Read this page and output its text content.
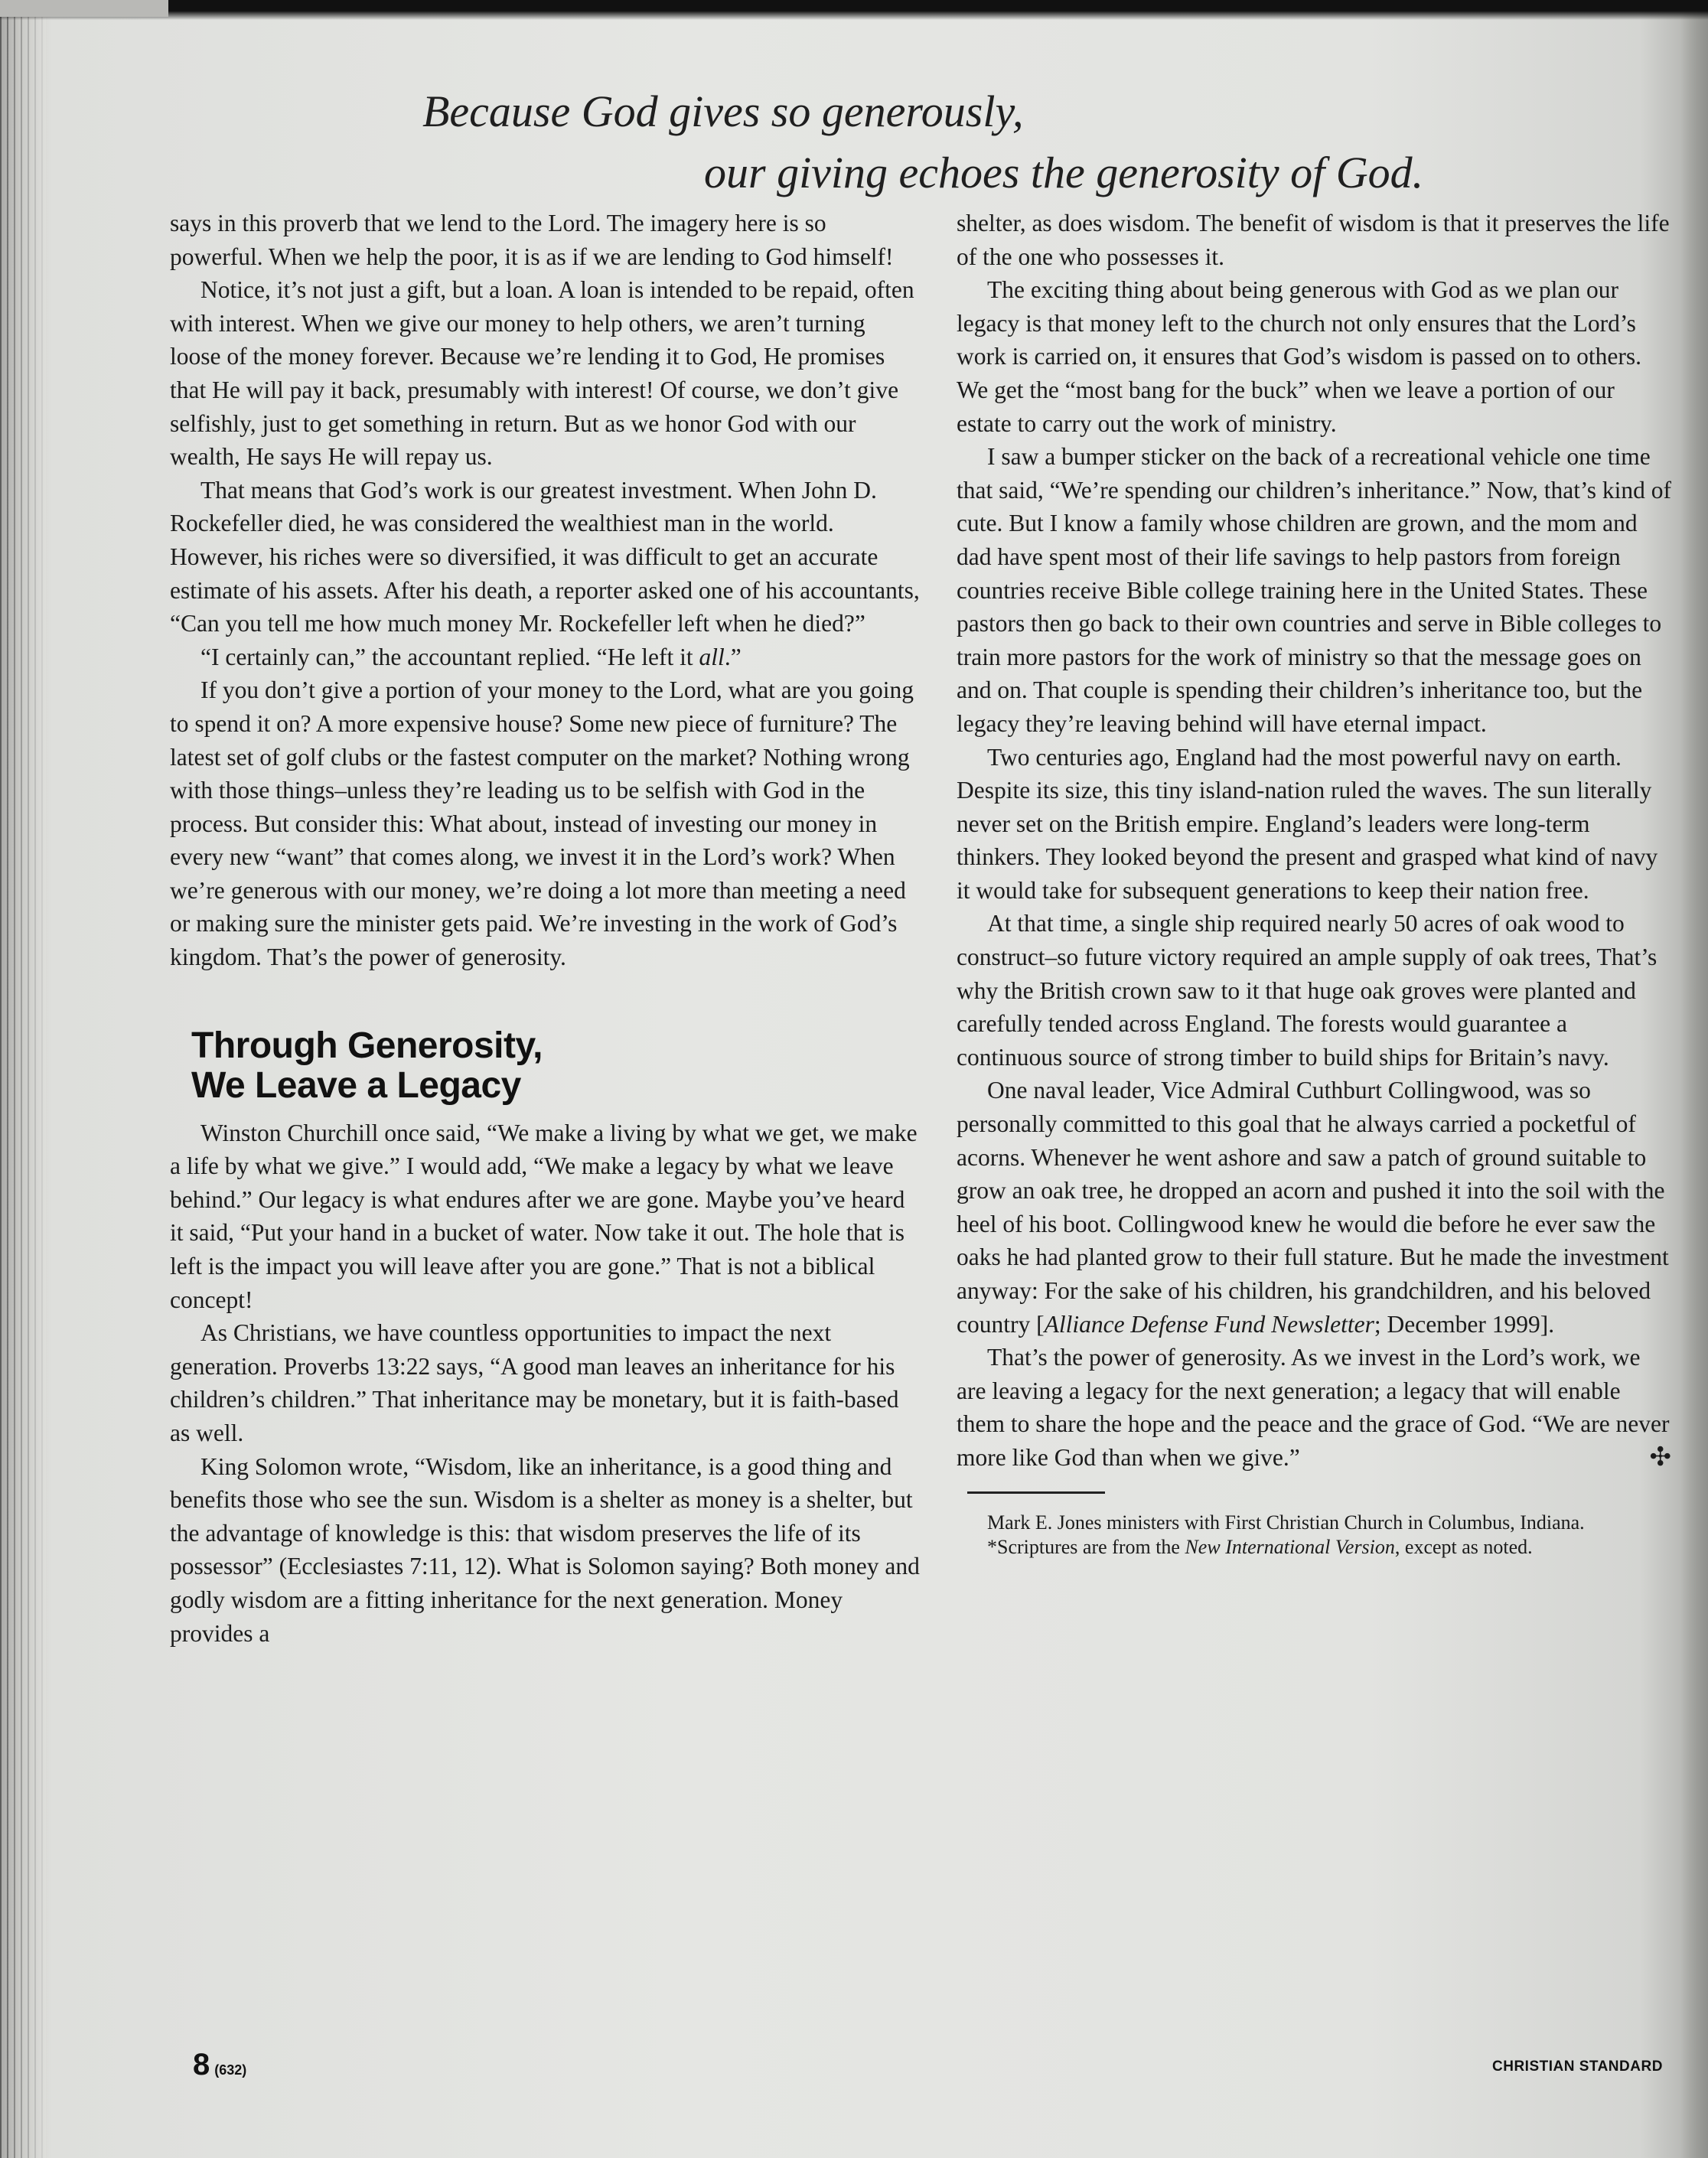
Because God gives so generously,
our giving echoes the generosity of God.

says in this proverb that we lend to the Lord. The imagery here is so powerful. When we help the poor, it is as if we are lending to God himself!

Notice, it’s not just a gift, but a loan. A loan is intended to be repaid, often with interest. When we give our money to help others, we aren’t turning loose of the money forever. Because we’re lending it to God, He promises that He will pay it back, presumably with interest! Of course, we don’t give selfishly, just to get something in return. But as we honor God with our wealth, He says He will repay us.

That means that God’s work is our greatest investment. When John D. Rockefeller died, he was considered the wealthiest man in the world. However, his riches were so diversified, it was difficult to get an accurate estimate of his assets. After his death, a reporter asked one of his accountants, “Can you tell me how much money Mr. Rockefeller left when he died?”

“I certainly can,” the accountant replied. “He left it all.”

If you don’t give a portion of your money to the Lord, what are you going to spend it on? A more expensive house? Some new piece of furniture? The latest set of golf clubs or the fastest computer on the market? Nothing wrong with those things–unless they’re leading us to be selfish with God in the process. But consider this: What about, instead of investing our money in every new “want” that comes along, we invest it in the Lord’s work? When we’re generous with our money, we’re doing a lot more than meeting a need or making sure the minister gets paid. We’re investing in the work of God’s kingdom. That’s the power of generosity.

Through Generosity,
We Leave a Legacy

Winston Churchill once said, “We make a living by what we get, we make a life by what we give.” I would add, “We make a legacy by what we leave behind.” Our legacy is what endures after we are gone. Maybe you’ve heard it said, “Put your hand in a bucket of water. Now take it out. The hole that is left is the impact you will leave after you are gone.” That is not a biblical concept!

As Christians, we have countless opportunities to impact the next generation. Proverbs 13:22 says, “A good man leaves an inheritance for his children’s children.” That inheritance may be monetary, but it is faith-based as well.

King Solomon wrote, “Wisdom, like an inheritance, is a good thing and benefits those who see the sun. Wisdom is a shelter as money is a shelter, but the advantage of knowledge is this: that wisdom preserves the life of its possessor” (Ecclesiastes 7:11, 12). What is Solomon saying? Both money and godly wisdom are a fitting inheritance for the next generation. Money provides a

shelter, as does wisdom. The benefit of wisdom is that it preserves the life of the one who possesses it.

The exciting thing about being generous with God as we plan our legacy is that money left to the church not only ensures that the Lord’s work is carried on, it ensures that God’s wisdom is passed on to others. We get the “most bang for the buck” when we leave a portion of our estate to carry out the work of ministry.

I saw a bumper sticker on the back of a recreational vehicle one time that said, “We’re spending our children’s inheritance.” Now, that’s kind of cute. But I know a family whose children are grown, and the mom and dad have spent most of their life savings to help pastors from foreign countries receive Bible college training here in the United States. These pastors then go back to their own countries and serve in Bible colleges to train more pastors for the work of ministry so that the message goes on and on. That couple is spending their children’s inheritance too, but the legacy they’re leaving behind will have eternal impact.

Two centuries ago, England had the most powerful navy on earth. Despite its size, this tiny island-nation ruled the waves. The sun literally never set on the British empire. England’s leaders were long-term thinkers. They looked beyond the present and grasped what kind of navy it would take for subsequent generations to keep their nation free.

At that time, a single ship required nearly 50 acres of oak wood to construct–so future victory required an ample supply of oak trees, That’s why the British crown saw to it that huge oak groves were planted and carefully tended across England. The forests would guarantee a continuous source of strong timber to build ships for Britain’s navy.

One naval leader, Vice Admiral Cuthburt Collingwood, was so personally committed to this goal that he always carried a pocketful of acorns. Whenever he went ashore and saw a patch of ground suitable to grow an oak tree, he dropped an acorn and pushed it into the soil with the heel of his boot. Collingwood knew he would die before he ever saw the oaks he had planted grow to their full stature. But he made the investment anyway: For the sake of his children, his grandchildren, and his beloved country [Alliance Defense Fund Newsletter; December 1999].

That’s the power of generosity. As we invest in the Lord’s work, we are leaving a legacy for the next generation; a legacy that will enable them to share the hope and the peace and the grace of God. “We are never more like God than when we give.”	✣

Mark E. Jones ministers with First Christian Church in Columbus, Indiana.

*Scriptures are from the New International Version, except as noted.

8 (632)	CHRISTIAN STANDARD
